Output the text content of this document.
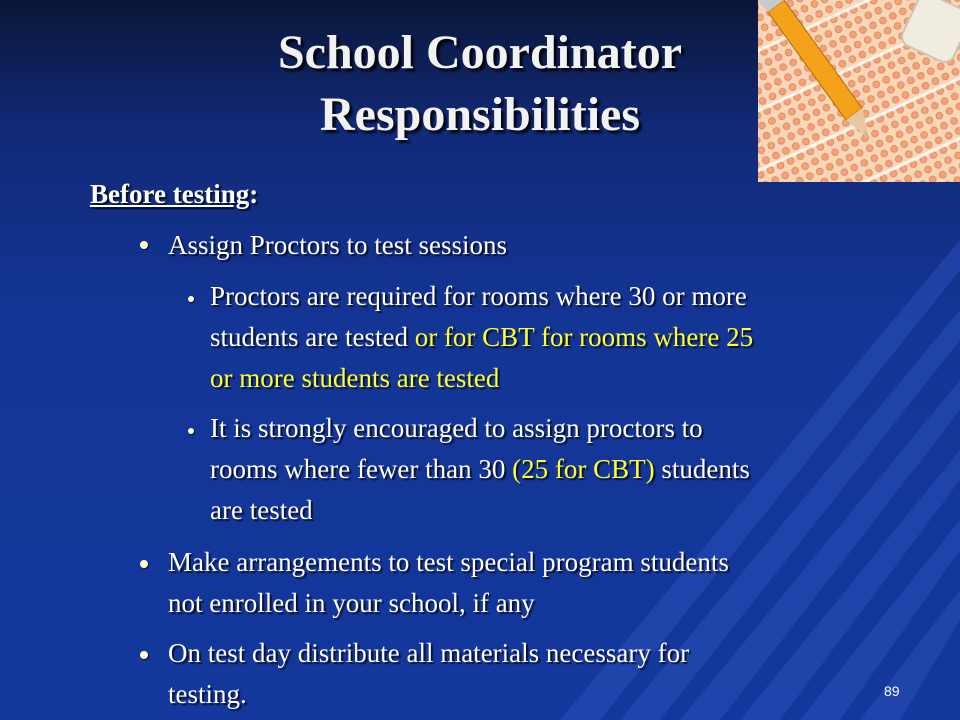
School Coordinator
Responsibilities
Before testing:
Assign Proctors to test sessions
Proctors are required for rooms where 30 or more
students are tested or for CBT for rooms where 25
or more students are tested
It is strongly encouraged to assign proctors to
rooms where fewer than 30 (25 for CBT) students
are tested
Make arrangements to test special program students
not enrolled in your school, if any
On test day distribute all materials necessary for
testing.	89
